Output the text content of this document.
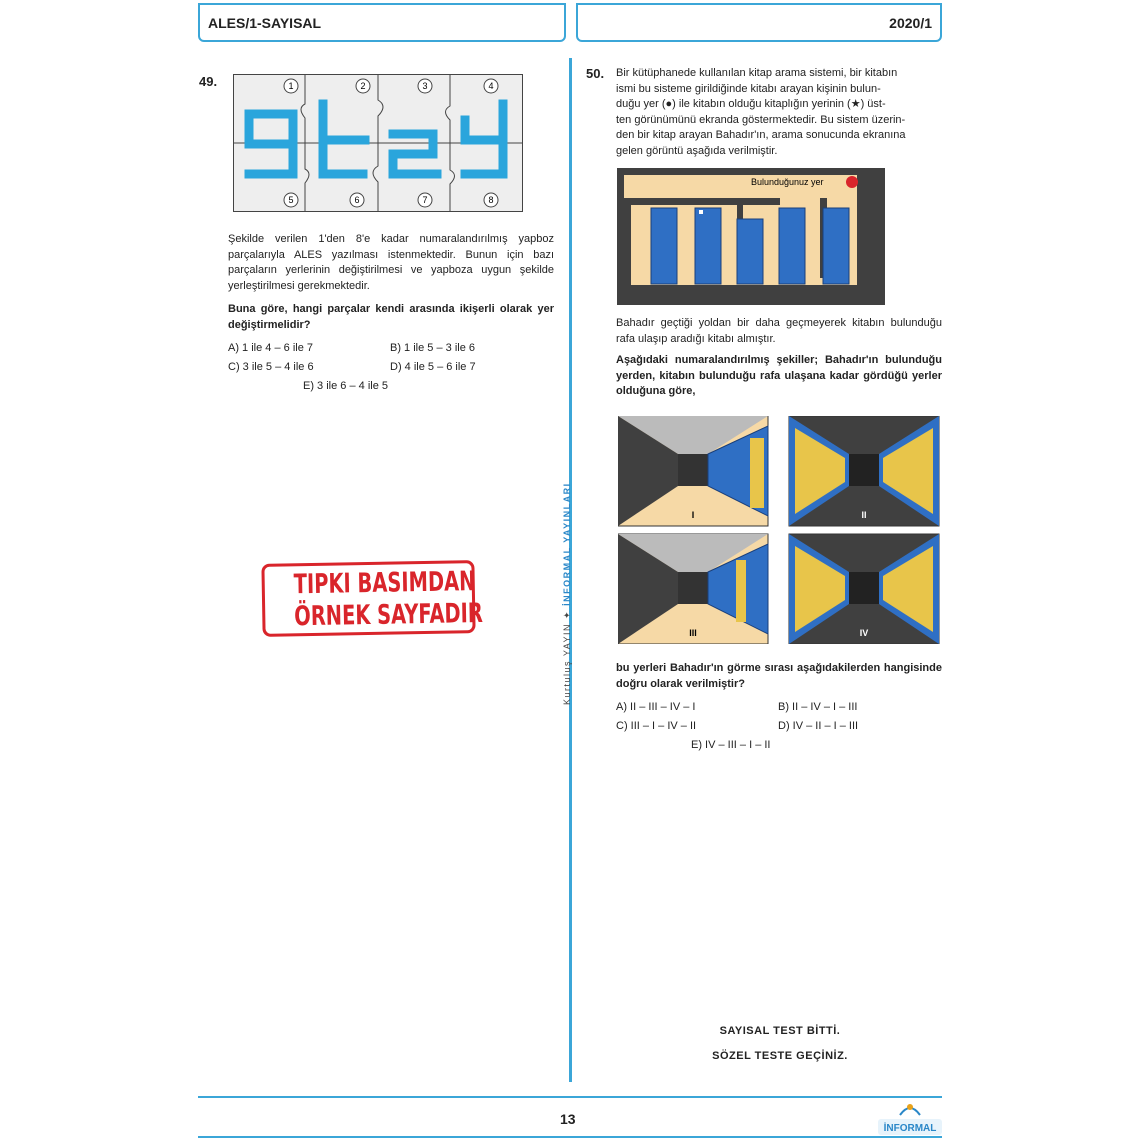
ALES/1-SAYISAL	2020/1
49.	1	2	3	4
5	6	7	8
Şekilde verilen 1'den 8'e kadar numaralandırılmış yapboz parçalarıyla ALES yazılması istenmektedir. Bunun için bazı parçaların yerlerinin değiştirilmesi ve yapboza uygun şekilde yerleştirilmesi gerekmektedir.
Buna göre, hangi parçalar kendi arasında ikişerli olarak yer değiştirmelidir?
A) 1 ile 4 – 6 ile 7	B) 1 ile 5 – 3 ile 6
C) 3 ile 5 – 4 ile 6	D) 4 ile 5 – 6 ile 7
E) 3 ile 6 – 4 ile 5
TIPKI BASIMDAN
ÖRNEK SAYFADIR
Kurtuluş YAYIN ✦ İNFORMAL YAYINLARI
50. Bir kütüphanede kullanılan kitap arama sistemi, bir kitabın
ismi bu sisteme girildiğinde kitabı arayan kişinin bulun-
duğu yer (●) ile kitabın olduğu kitaplığın yerinin (★) üst-
ten görünümünü ekranda göstermektedir. Bu sistem üzerin-
den bir kitap arayan Bahadır'ın, arama sonucunda ekranına
gelen görüntü aşağıda verilmiştir.
Bulunduğunuz yer
Bahadır geçtiği yoldan bir daha geçmeyerek kitabın bulunduğu rafa ulaşıp aradığı kitabı almıştır.
Aşağıdaki numaralandırılmış şekiller; Bahadır'ın bulunduğu yerden, kitabın bulunduğu rafa ulaşana kadar gördüğü yerler olduğuna göre,
I	II
III	IV
bu yerleri Bahadır'ın görme sırası aşağıdakilerden hangisinde doğru olarak verilmiştir?
A) II – III – IV – I	B) II – IV – I – III
C) III – I – IV – II	D) IV – II – I – III
E) IV – III – I – II
SAYISAL TEST BİTTİ.
SÖZEL TESTE GEÇİNİZ.
13
İNFORMAL
